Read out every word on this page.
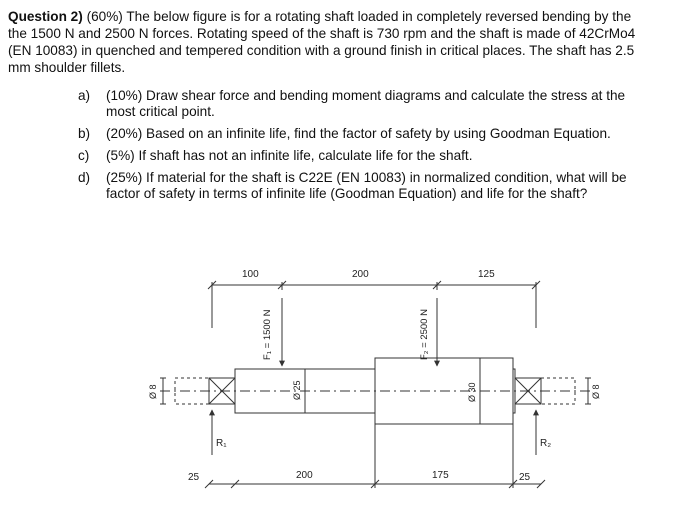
Question 2) (60%) The below figure is for a rotating shaft loaded in completely reversed bending by the the 1500 N and 2500 N forces. Rotating speed of the shaft is 730 rpm and the shaft is made of 42CrMo4 (EN 10083) in quenched and tempered condition with a ground finish in critical places. The shaft has 2.5 mm shoulder fillets.

a)	(10%) Draw shear force and bending moment diagrams and calculate the stress at the most critical point.
b)	(20%) Based on an infinite life, find the factor of safety by using Goodman Equation.
c)	(5%) If shaft has not an infinite life, calculate life for the shaft.
d)	(25%) If material for the shaft is C22E (EN 10083) in normalized condition, what will be factor of safety in terms of infinite life (Goodman Equation) and life for the shaft?
100	200	125
F₁ = 1500 N	F₂ = 2500 N
Ø 8	Ø 25	Ø 30	Ø 8
R₁	R₂
25	200	175	25
